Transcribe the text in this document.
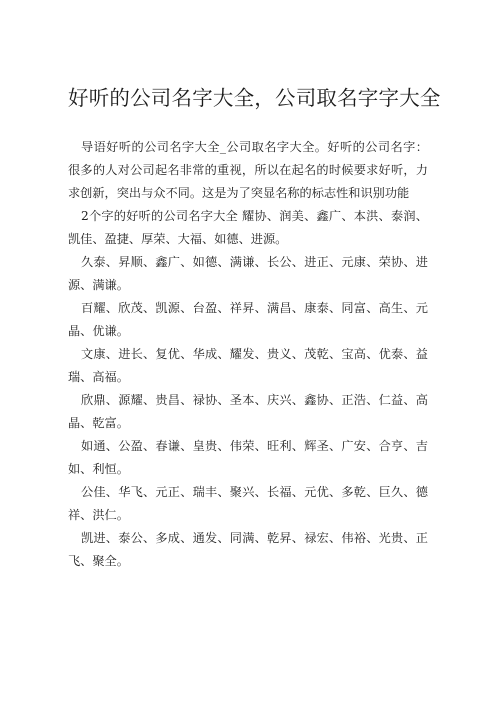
好听的公司名字大全，公司取名字字大全

导语好听的公司名字大全_公司取名字大全。好听的公司名字：很多的人对公司起名非常的重视，所以在起名的时候要求好听，力求创新，突出与众不同。这是为了突显名称的标志性和识别功能

2个字的好听的公司名字大全 耀协、润美、鑫广、本洪、泰润、凯佳、盈捷、厚荣、大福、如德、进源。

久泰、昇顺、鑫广、如德、满谦、长公、进正、元康、荣协、进源、满谦。

百耀、欣茂、凯源、台盈、祥昇、满昌、康泰、同富、高生、元晶、优谦。

文康、进长、复优、华成、耀发、贵义、茂乾、宝高、优泰、益瑞、高福。

欣鼎、源耀、贵昌、禄协、圣本、庆兴、鑫协、正浩、仁益、高晶、乾富。

如通、公盈、春谦、皇贵、伟荣、旺利、辉圣、广安、合亨、吉如、利恒。

公佳、华飞、元正、瑞丰、聚兴、长福、元优、多乾、巨久、德祥、洪仁。

凯进、泰公、多成、通发、同满、乾昇、禄宏、伟裕、光贵、正飞、聚全。
